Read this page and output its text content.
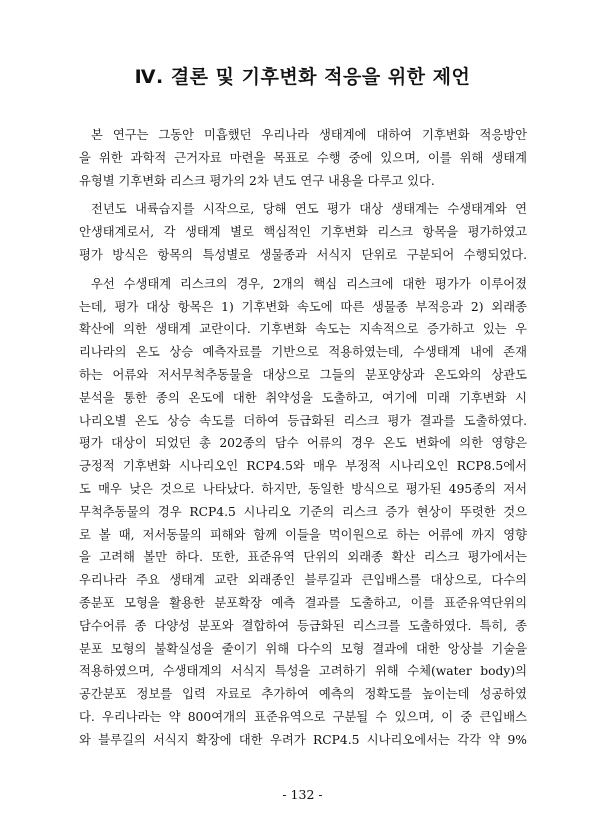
Ⅳ. 결론 및 기후변화 적응을 위한 제언
본 연구는 그동안 미흡했던 우리나라 생태계에 대하여 기후변화 적응방안
을 위한 과학적 근거자료 마련을 목표로 수행 중에 있으며, 이를 위해 생태계
유형별 기후변화 리스크 평가의 2차 년도 연구 내용을 다루고 있다.
전년도 내륙습지를 시작으로, 당해 연도 평가 대상 생태계는 수생태계와 연
안생태계로서, 각 생태계 별로 핵심적인 기후변화 리스크 항목을 평가하였고
평가 방식은 항목의 특성별로 생물종과 서식지 단위로 구분되어 수행되었다.
우선 수생태계 리스크의 경우, 2개의 핵심 리스크에 대한 평가가 이루어졌
는데, 평가 대상 항목은 1) 기후변화 속도에 따른 생물종 부적응과 2) 외래종
확산에 의한 생태계 교란이다. 기후변화 속도는 지속적으로 증가하고 있는 우
리나라의 온도 상승 예측자료를 기반으로 적용하였는데, 수생태계 내에 존재
하는 어류와 저서무척추동물을 대상으로 그들의 분포양상과 온도와의 상관도
분석을 통한 종의 온도에 대한 취약성을 도출하고, 여기에 미래 기후변화 시
나리오별 온도 상승 속도를 더하여 등급화된 리스크 평가 결과를 도출하였다.
평가 대상이 되었던 총 202종의 담수 어류의 경우 온도 변화에 의한 영향은
긍정적 기후변화 시나리오인 RCP4.5와 매우 부정적 시나리오인 RCP8.5에서
도 매우 낮은 것으로 나타났다. 하지만, 동일한 방식으로 평가된 495종의 저서
무척추동물의 경우 RCP4.5 시나리오 기준의 리스크 증가 현상이 뚜렷한 것으
로 볼 때, 저서동물의 피해와 함께 이들을 먹이원으로 하는 어류에 까지 영향
을 고려해 볼만 하다. 또한, 표준유역 단위의 외래종 확산 리스크 평가에서는
우리나라 주요 생태계 교란 외래종인 블루길과 큰입배스를 대상으로, 다수의
종분포 모형을 활용한 분포확장 예측 결과를 도출하고, 이를 표준유역단위의
담수어류 종 다양성 분포와 결합하여 등급화된 리스크를 도출하였다. 특히, 종
분포 모형의 불확실성을 줄이기 위해 다수의 모형 결과에 대한 앙상블 기술을
적용하였으며, 수생태계의 서식지 특성을 고려하기 위해 수체(water body)의
공간분포 정보를 입력 자료로 추가하여 예측의 정확도를 높이는데 성공하였
다. 우리나라는 약 800여개의 표준유역으로 구분될 수 있으며, 이 중 큰입배스
와 블루길의 서식지 확장에 대한 우려가 RCP4.5 시나리오에서는 각각 약 9%
- 132 -
